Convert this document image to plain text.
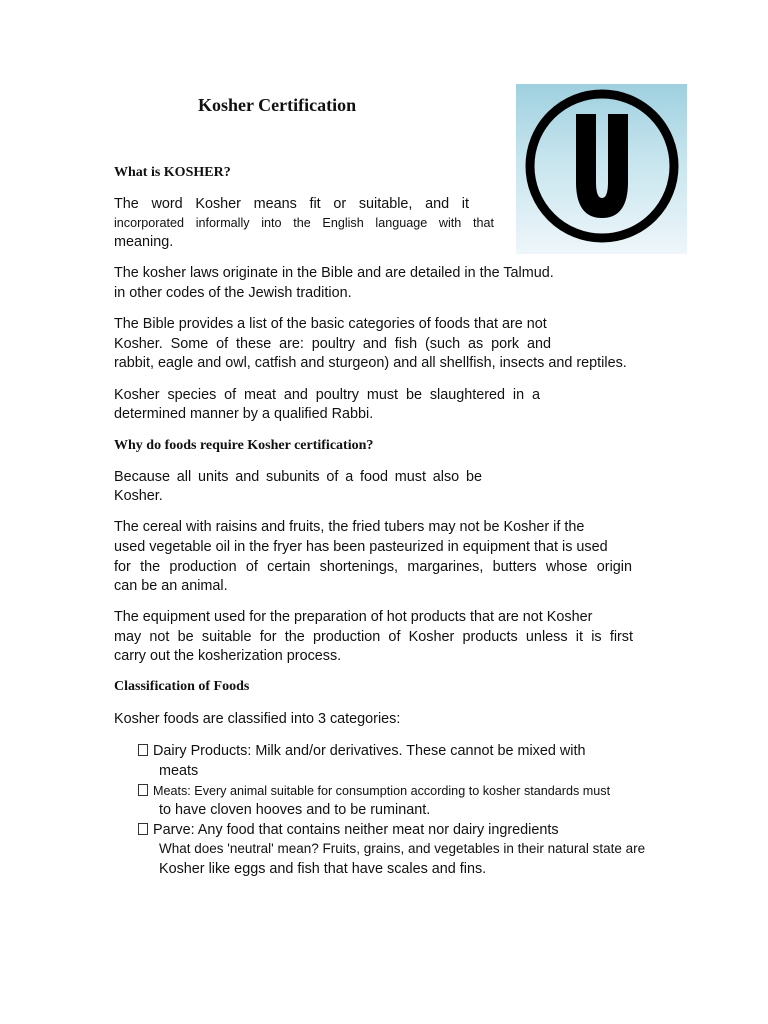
Kosher Certification
What is KOSHER?
The word Kosher means fit or suitable, and it
incorporated informally into the English language with that
meaning.
The kosher laws originate in the Bible and are detailed in the Talmud.
in other codes of the Jewish tradition.
The Bible provides a list of the basic categories of foods that are not
Kosher. Some of these are: poultry and fish (such as pork and
rabbit, eagle and owl, catfish and sturgeon) and all shellfish, insects and reptiles.
Kosher species of meat and poultry must be slaughtered in a
determined manner by a qualified Rabbi.
Why do foods require Kosher certification?
Because all units and subunits of a food must also be
Kosher.
The cereal with raisins and fruits, the fried tubers may not be Kosher if the
used vegetable oil in the fryer has been pasteurized in equipment that is used
for the production of certain shortenings, margarines, butters whose origin
can be an animal.
The equipment used for the preparation of hot products that are not Kosher
may not be suitable for the production of Kosher products unless it is first
carry out the kosherization process.
Classification of Foods
Kosher foods are classified into 3 categories:
Dairy Products: Milk and/or derivatives. These cannot be mixed with
meats
Meats: Every animal suitable for consumption according to kosher standards must
to have cloven hooves and to be ruminant.
Parve: Any food that contains neither meat nor dairy ingredients
What does 'neutral' mean? Fruits, grains, and vegetables in their natural state are
Kosher like eggs and fish that have scales and fins.
